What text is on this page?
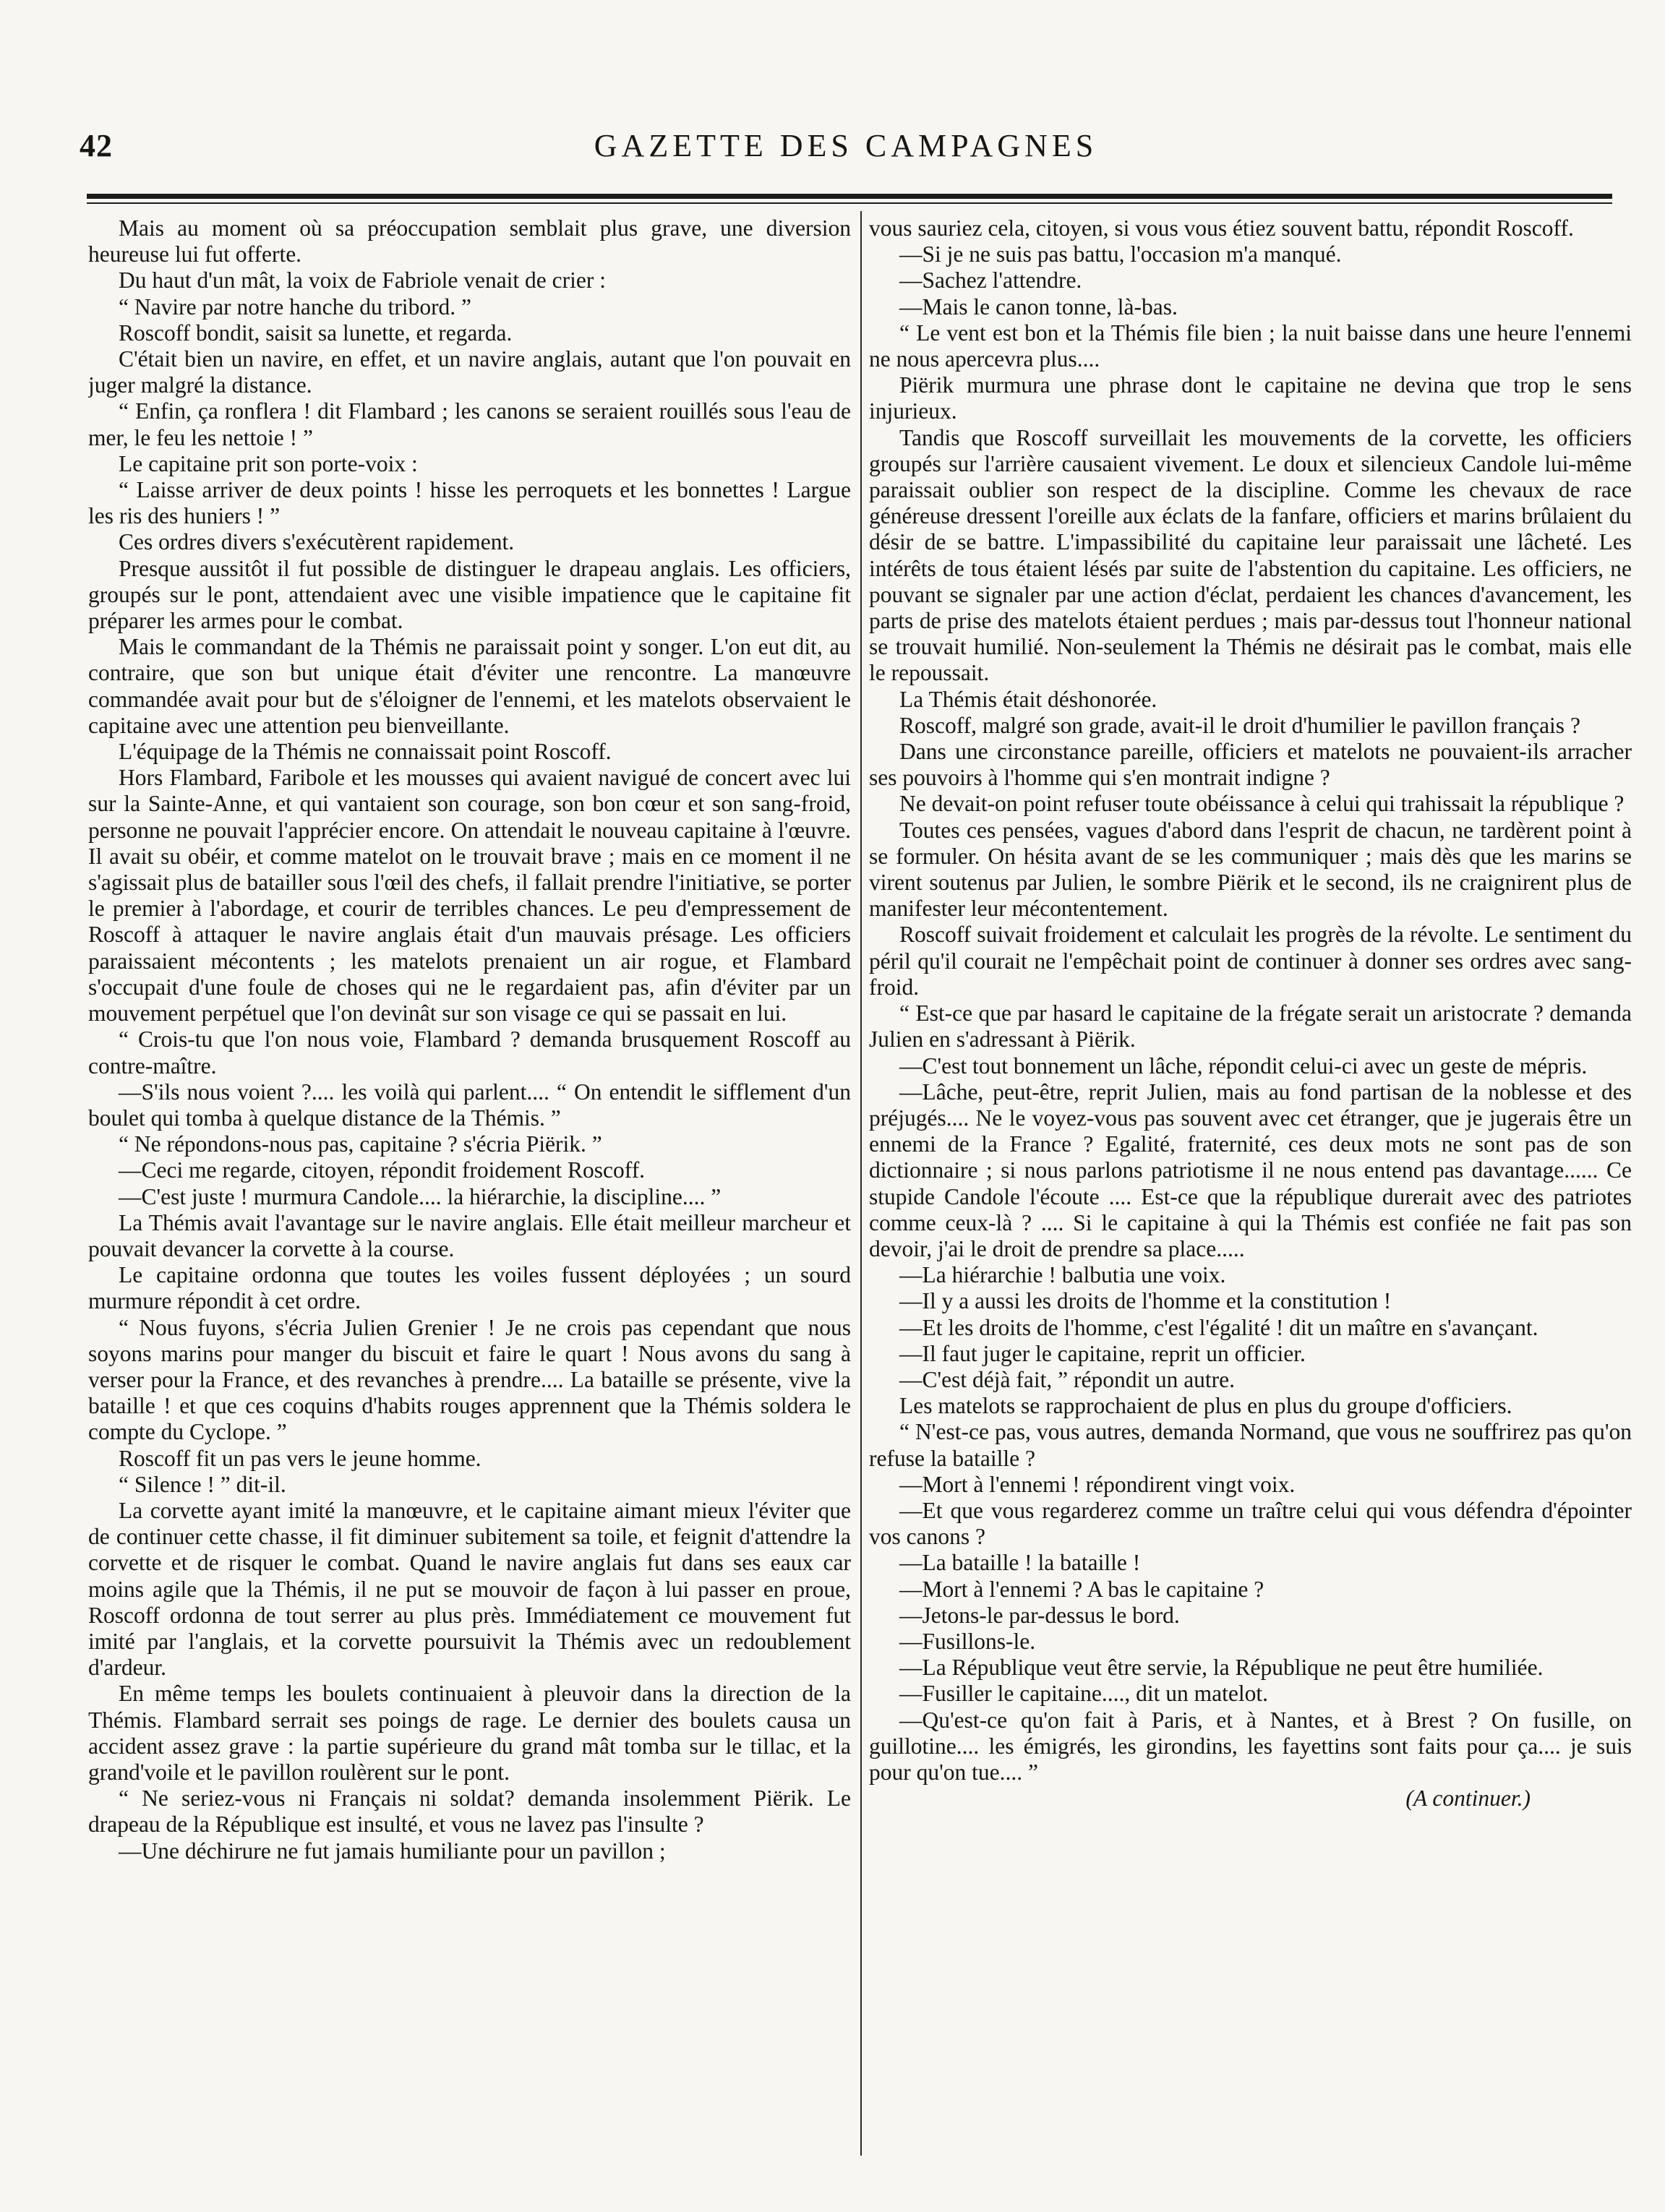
42	GAZETTE DES CAMPAGNES

Mais au moment où sa préoccupation semblait plus grave, une diversion heureuse lui fut offerte.

Du haut d'un mât, la voix de Fabriole venait de crier :

“ Navire par notre hanche du tribord. ”

Roscoff bondit, saisit sa lunette, et regarda.

C'était bien un navire, en effet, et un navire anglais, autant que l'on pouvait en juger malgré la distance.

“ Enfin, ça ronflera ! dit Flambard ; les canons se seraient rouillés sous l'eau de mer, le feu les nettoie ! ”

Le capitaine prit son porte-voix :

“ Laisse arriver de deux points ! hisse les perroquets et les bonnettes ! Largue les ris des huniers ! ”

Ces ordres divers s'exécutèrent rapidement.

Presque aussitôt il fut possible de distinguer le drapeau anglais. Les officiers, groupés sur le pont, attendaient avec une visible impatience que le capitaine fit préparer les armes pour le combat.

Mais le commandant de la Thémis ne paraissait point y songer. L'on eut dit, au contraire, que son but unique était d'éviter une rencontre. La manœuvre commandée avait pour but de s'éloigner de l'ennemi, et les matelots observaient le capitaine avec une attention peu bienveillante.

L'équipage de la Thémis ne connaissait point Roscoff.

Hors Flambard, Faribole et les mousses qui avaient navigué de concert avec lui sur la Sainte-Anne, et qui vantaient son courage, son bon cœur et son sang-froid, personne ne pouvait l'apprécier encore. On attendait le nouveau capitaine à l'œuvre. Il avait su obéir, et comme matelot on le trouvait brave ; mais en ce moment il ne s'agissait plus de batailler sous l'œil des chefs, il fallait prendre l'initiative, se porter le premier à l'abordage, et courir de terribles chances. Le peu d'empressement de Roscoff à attaquer le navire anglais était d'un mauvais présage. Les officiers paraissaient mécontents ; les matelots prenaient un air rogue, et Flambard s'occupait d'une foule de choses qui ne le regardaient pas, afin d'éviter par un mouvement perpétuel que l'on devinât sur son visage ce qui se passait en lui.

“ Crois-tu que l'on nous voie, Flambard ? demanda brusquement Roscoff au contre-maître.

—S'ils nous voient ?.... les voilà qui parlent.... “ On entendit le sifflement d'un boulet qui tomba à quelque distance de la Thémis. ”

“ Ne répondons-nous pas, capitaine ? s'écria Piërik. ”

—Ceci me regarde, citoyen, répondit froidement Roscoff.

—C'est juste ! murmura Candole.... la hiérarchie, la discipline.... ”

La Thémis avait l'avantage sur le navire anglais. Elle était meilleur marcheur et pouvait devancer la corvette à la course.

Le capitaine ordonna que toutes les voiles fussent déployées ; un sourd murmure répondit à cet ordre.

“ Nous fuyons, s'écria Julien Grenier ! Je ne crois pas cependant que nous soyons marins pour manger du biscuit et faire le quart ! Nous avons du sang à verser pour la France, et des revanches à prendre.... La bataille se présente, vive la bataille ! et que ces coquins d'habits rouges apprennent que la Thémis soldera le compte du Cyclope. ”

Roscoff fit un pas vers le jeune homme.

“ Silence ! ” dit-il.

La corvette ayant imité la manœuvre, et le capitaine aimant mieux l'éviter que de continuer cette chasse, il fit diminuer subitement sa toile, et feignit d'attendre la corvette et de risquer le combat. Quand le navire anglais fut dans ses eaux car moins agile que la Thémis, il ne put se mouvoir de façon à lui passer en proue, Roscoff ordonna de tout serrer au plus près. Immédiatement ce mouvement fut imité par l'anglais, et la corvette poursuivit la Thémis avec un redoublement d'ardeur.

En même temps les boulets continuaient à pleuvoir dans la direction de la Thémis. Flambard serrait ses poings de rage. Le dernier des boulets causa un accident assez grave : la partie supérieure du grand mât tomba sur le tillac, et la grand'voile et le pavillon roulèrent sur le pont.

“ Ne seriez-vous ni Français ni soldat? demanda insolemment Piërik. Le drapeau de la République est insulté, et vous ne lavez pas l'insulte ?

—Une déchirure ne fut jamais humiliante pour un pavillon ;

vous sauriez cela, citoyen, si vous vous étiez souvent battu, répondit Roscoff.

—Si je ne suis pas battu, l'occasion m'a manqué.

—Sachez l'attendre.

—Mais le canon tonne, là-bas.

“ Le vent est bon et la Thémis file bien ; la nuit baisse dans une heure l'ennemi ne nous apercevra plus....

Piërik murmura une phrase dont le capitaine ne devina que trop le sens injurieux.

Tandis que Roscoff surveillait les mouvements de la corvette, les officiers groupés sur l'arrière causaient vivement. Le doux et silencieux Candole lui-même paraissait oublier son respect de la discipline. Comme les chevaux de race généreuse dressent l'oreille aux éclats de la fanfare, officiers et marins brûlaient du désir de se battre. L'impassibilité du capitaine leur paraissait une lâcheté. Les intérêts de tous étaient lésés par suite de l'abstention du capitaine. Les officiers, ne pouvant se signaler par une action d'éclat, perdaient les chances d'avancement, les parts de prise des matelots étaient perdues ; mais par-dessus tout l'honneur national se trouvait humilié. Non-seulement la Thémis ne désirait pas le combat, mais elle le repoussait.

La Thémis était déshonorée.

Roscoff, malgré son grade, avait-il le droit d'humilier le pavillon français ?

Dans une circonstance pareille, officiers et matelots ne pouvaient-ils arracher ses pouvoirs à l'homme qui s'en montrait indigne ?

Ne devait-on point refuser toute obéissance à celui qui trahissait la république ?

Toutes ces pensées, vagues d'abord dans l'esprit de chacun, ne tardèrent point à se formuler. On hésita avant de se les communiquer ; mais dès que les marins se virent soutenus par Julien, le sombre Piërik et le second, ils ne craignirent plus de manifester leur mécontentement.

Roscoff suivait froidement et calculait les progrès de la révolte. Le sentiment du péril qu'il courait ne l'empêchait point de continuer à donner ses ordres avec sang-froid.

“ Est-ce que par hasard le capitaine de la frégate serait un aristocrate ? demanda Julien en s'adressant à Piërik.

—C'est tout bonnement un lâche, répondit celui-ci avec un geste de mépris.

—Lâche, peut-être, reprit Julien, mais au fond partisan de la noblesse et des préjugés.... Ne le voyez-vous pas souvent avec cet étranger, que je jugerais être un ennemi de la France ? Egalité, fraternité, ces deux mots ne sont pas de son dictionnaire ; si nous parlons patriotisme il ne nous entend pas davantage...... Ce stupide Candole l'écoute .... Est-ce que la république durerait avec des patriotes comme ceux-là ? .... Si le capitaine à qui la Thémis est confiée ne fait pas son devoir, j'ai le droit de prendre sa place.....

—La hiérarchie ! balbutia une voix.

—Il y a aussi les droits de l'homme et la constitution !

—Et les droits de l'homme, c'est l'égalité ! dit un maître en s'avançant.

—Il faut juger le capitaine, reprit un officier.

—C'est déjà fait, ” répondit un autre.

Les matelots se rapprochaient de plus en plus du groupe d'officiers.

“ N'est-ce pas, vous autres, demanda Normand, que vous ne souffrirez pas qu'on refuse la bataille ?

—Mort à l'ennemi ! répondirent vingt voix.

—Et que vous regarderez comme un traître celui qui vous défendra d'épointer vos canons ?

—La bataille ! la bataille !

—Mort à l'ennemi ? A bas le capitaine ?

—Jetons-le par-dessus le bord.

—Fusillons-le.

—La République veut être servie, la République ne peut être humiliée.

—Fusiller le capitaine...., dit un matelot.

—Qu'est-ce qu'on fait à Paris, et à Nantes, et à Brest ? On fusille, on guillotine.... les émigrés, les girondins, les fayettins sont faits pour ça.... je suis pour qu'on tue.... ”

(A continuer.)
